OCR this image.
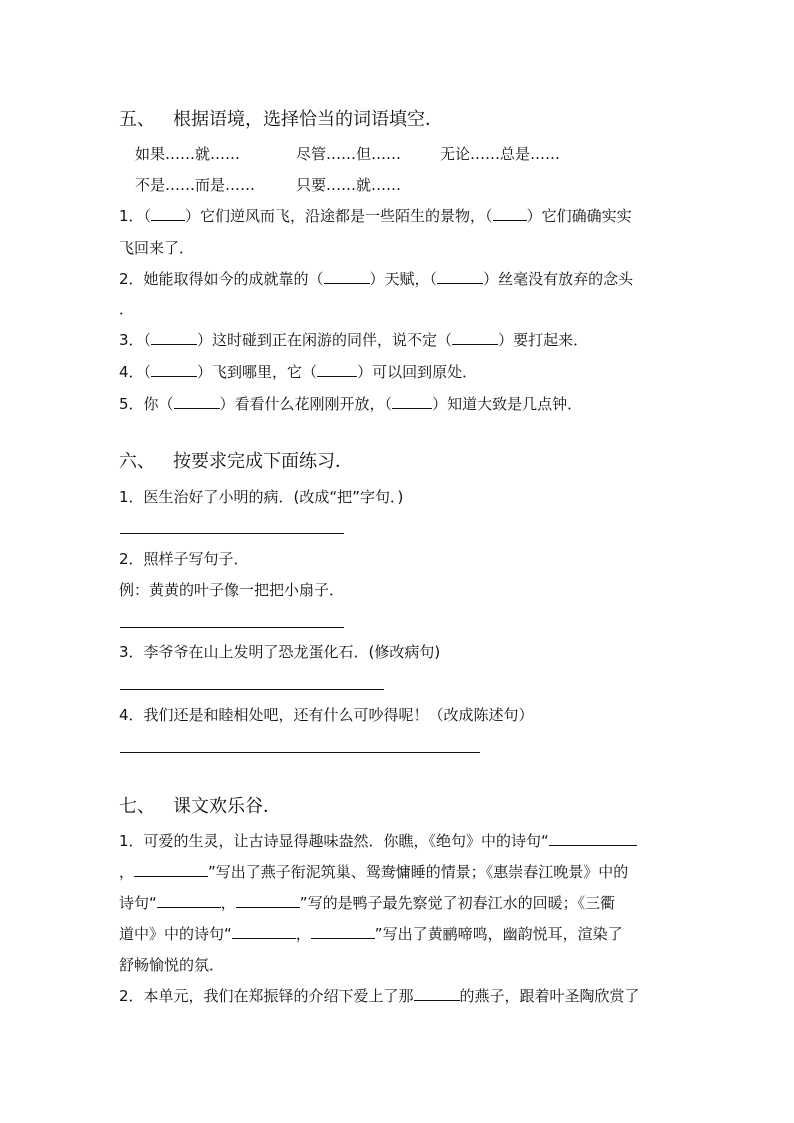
五、 根据语境，选择恰当的词语填空．
如果……就……	尽管……但……	无论……总是……
不是……而是……	只要……就……
1．（ ）它们逆风而飞，沿途都是一些陌生的景物，（ ）它们确确实实
飞回来了．
2．她能取得如今的成就靠的（	）天赋，（	）丝毫没有放弃的念头
．
3．（	）这时碰到正在闲游的同伴，说不定（	）要打起来．
4．（	）飞到哪里，它（	）可以回到原处．
5．你（	）看看什么花刚刚开放，（	）知道大致是几点钟．
六、 按要求完成下面练习．
1．医生治好了小明的病．(改成“把”字句．)
2．照样子写句子．
例：黄黄的叶子像一把把小扇子．
3．李爷爷在山上发明了恐龙蛋化石．(修改病句)
4．我们还是和睦相处吧，还有什么可吵得呢！（改成陈述句）
七、 课文欢乐谷．
1．可爱的生灵，让古诗显得趣味盎然．你瞧，《绝句》中的诗句“
，	”写出了燕子衔泥筑巢、鸳鸯慵睡的情景；《惠崇春江晚景》中的
诗句“	，	”写的是鸭子最先察觉了初春江水的回暖；《三衢
道中》中的诗句“	，	”写出了黄鹂啼鸣，幽韵悦耳，渲染了
舒畅愉悦的氛．
2．本单元，我们在郑振铎的介绍下爱上了那	的燕子，跟着叶圣陶欣赏了
